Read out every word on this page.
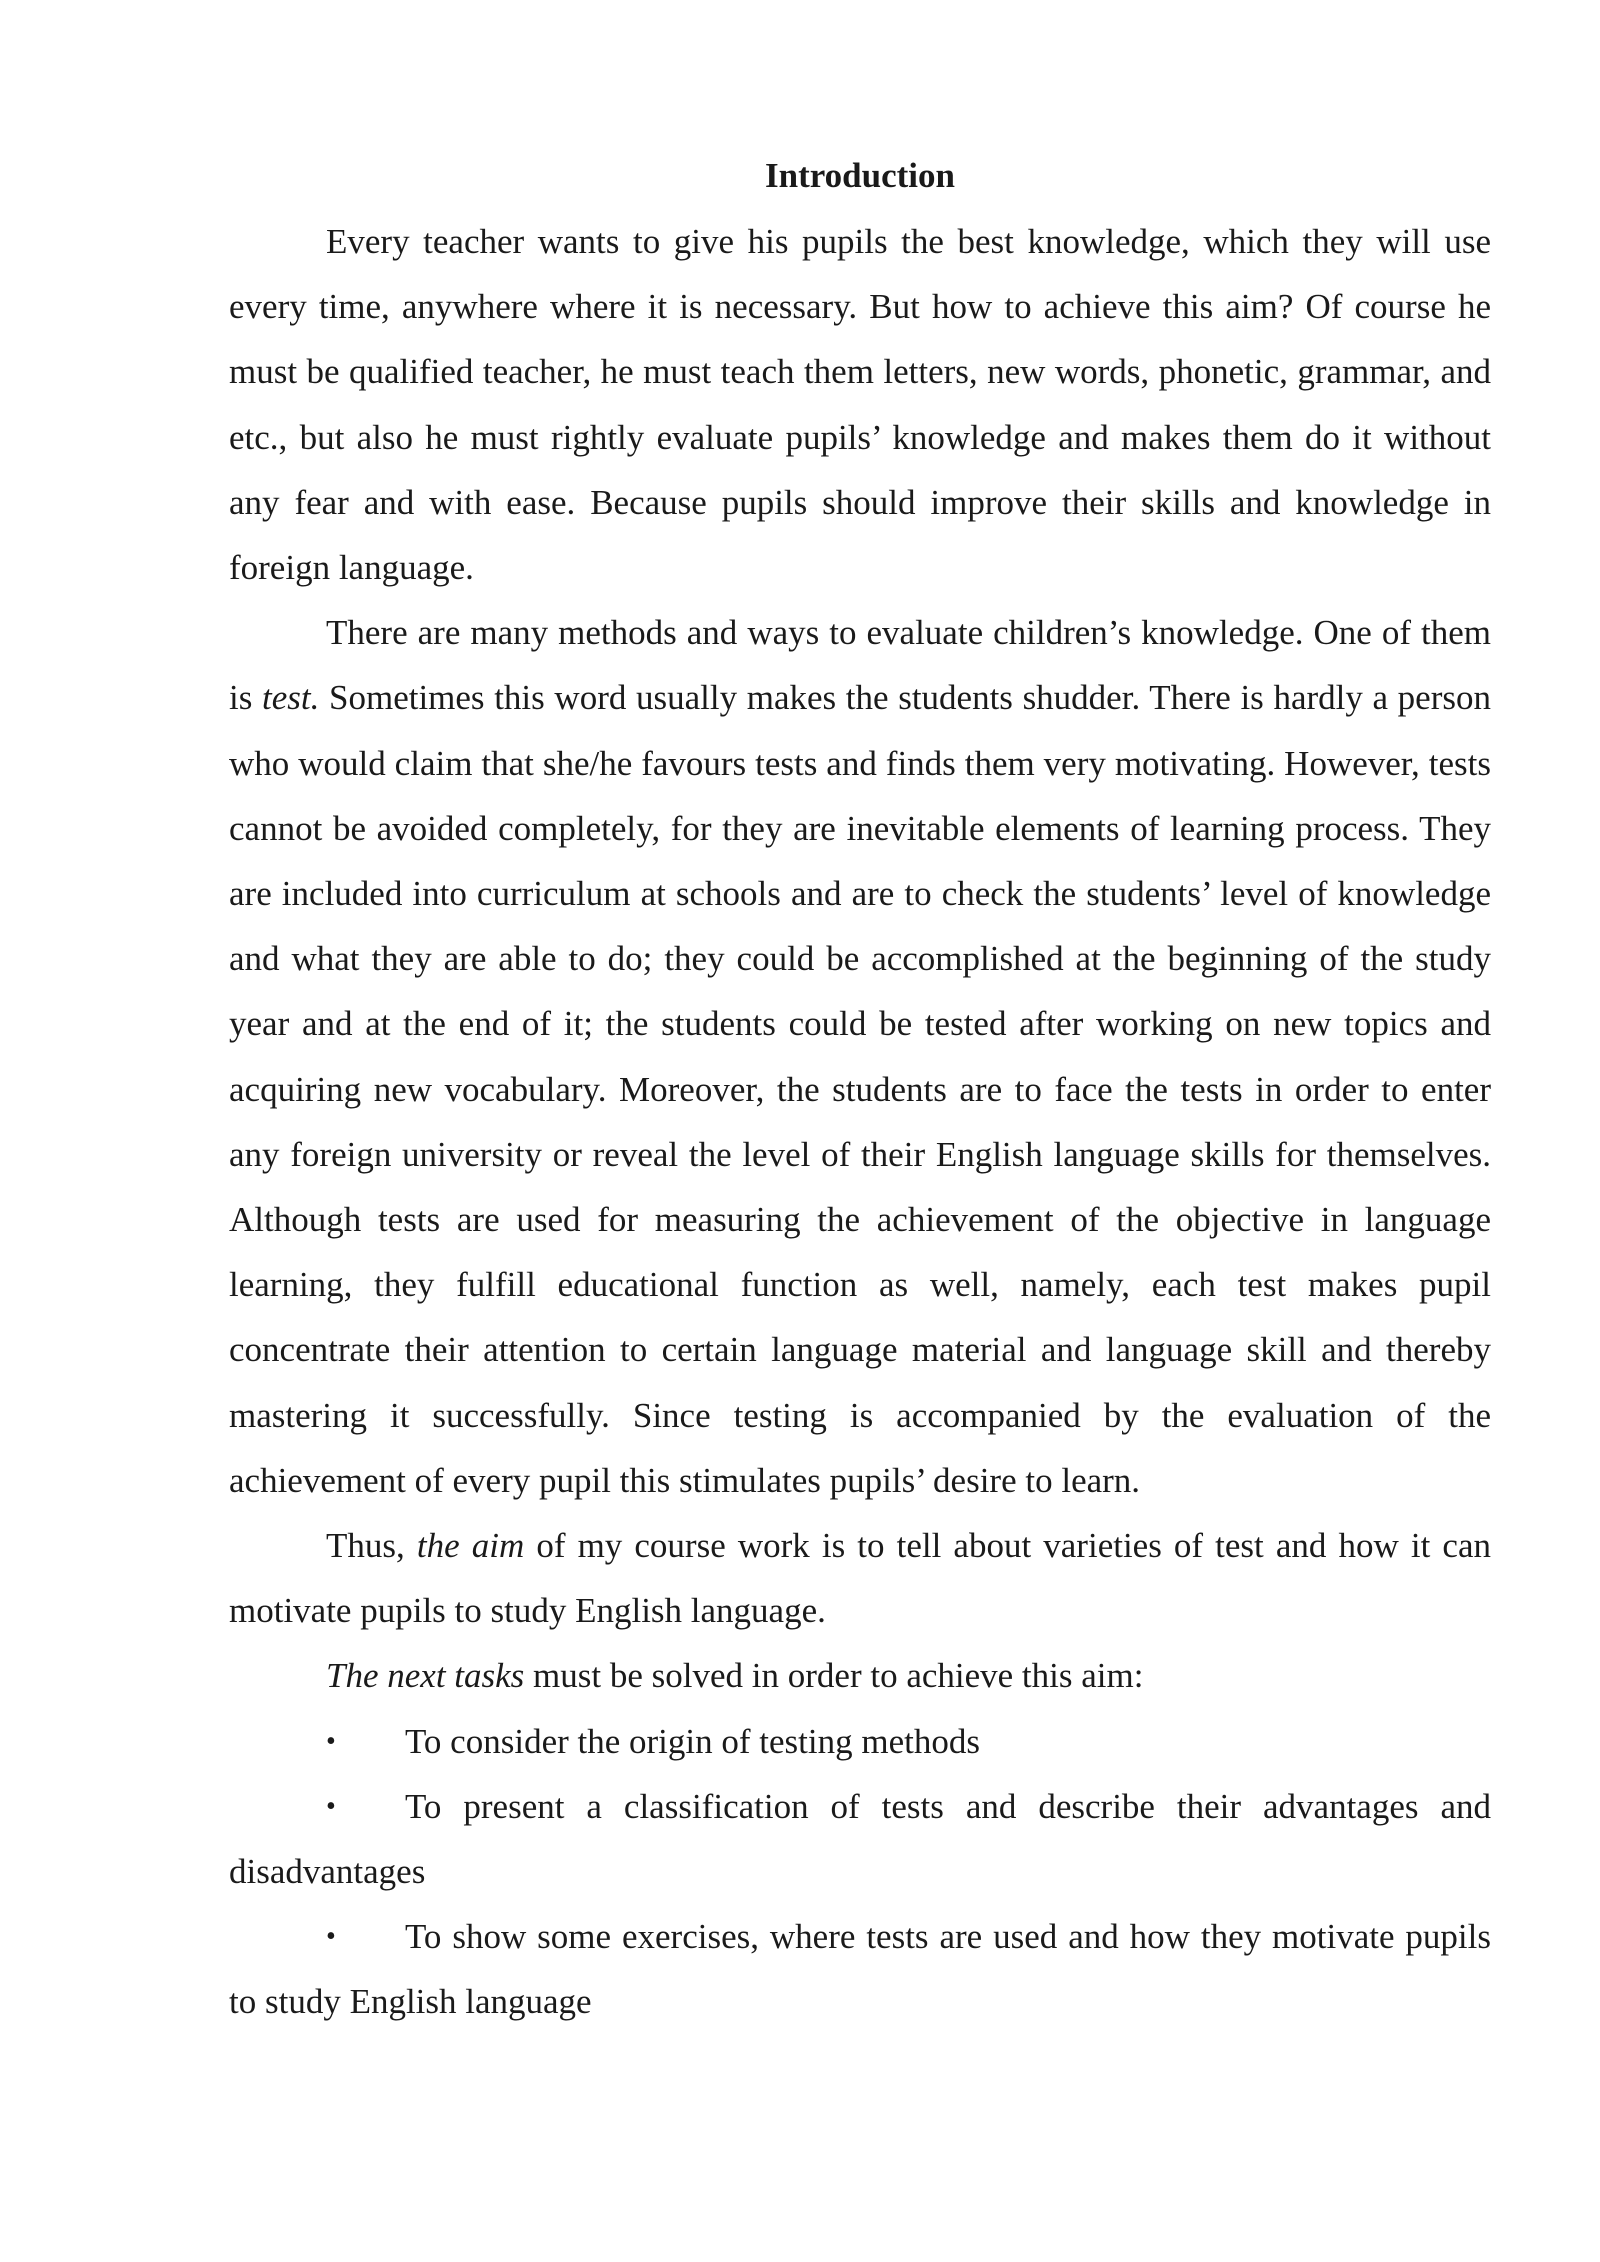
Introduction

Every teacher wants to give his pupils the best knowledge, which they will use every time, anywhere where it is necessary. But how to achieve this aim? Of course he must be qualified teacher, he must teach them letters, new words, phonetic, grammar, and etc., but also he must rightly evaluate pupils’ knowledge and makes them do it without any fear and with ease. Because pupils should improve their skills and knowledge in foreign language.

There are many methods and ways to evaluate children’s knowledge. One of them is test. Sometimes this word usually makes the students shudder. There is hardly a person who would claim that she/he favours tests and finds them very motivating. However, tests cannot be avoided completely, for they are inevitable elements of learning process. They are included into curriculum at schools and are to check the students’ level of knowledge and what they are able to do; they could be accomplished at the beginning of the study year and at the end of it; the students could be tested after working on new topics and acquiring new vocabulary. Moreover, the students are to face the tests in order to enter any foreign university or reveal the level of their English language skills for themselves. Although tests are used for measuring the achievement of the objective in language learning, they fulfill educational function as well, namely, each test makes pupil concentrate their attention to certain language material and language skill and thereby mastering it successfully. Since testing is accompanied by the evaluation of the achievement of every pupil this stimulates pupils’ desire to learn.

Thus, the aim of my course work is to tell about varieties of test and how it can motivate pupils to study English language.

The next tasks must be solved in order to achieve this aim:

• To consider the origin of testing methods

• To present a classification of tests and describe their advantages and disadvantages

• To show some exercises, where tests are used and how they motivate pupils to study English language
